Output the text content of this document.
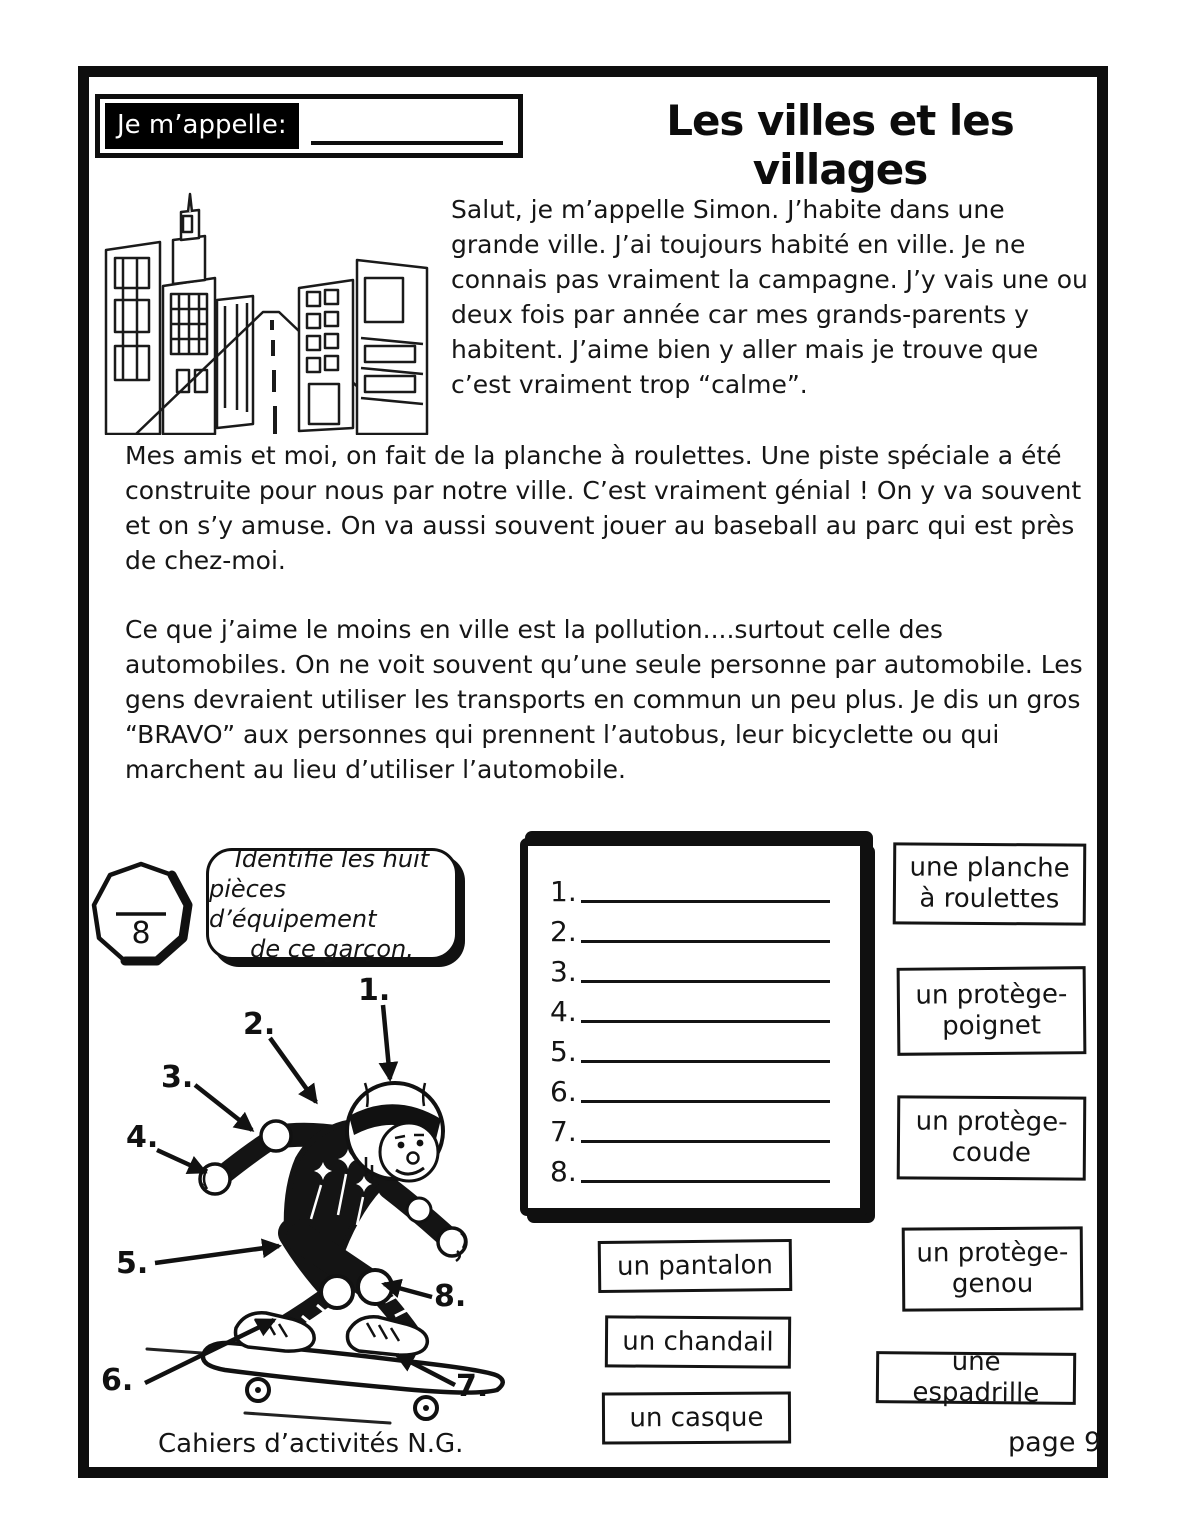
Je m’appelle:	Les villes et les villages
Salut, je m’appelle Simon. J’habite dans une grande ville. J’ai toujours habité en ville. Je ne connais pas vraiment la campagne. J’y vais une ou deux fois par année car mes grands-parents y habitent. J’aime bien y aller mais je trouve que c’est vraiment trop “calme”.
Mes amis et moi, on fait de la planche à roulettes. Une piste spéciale a été construite pour nous par notre ville. C’est vraiment génial ! On y va souvent et on s’y amuse. On va aussi souvent jouer au baseball au parc qui est près de chez-moi.
Ce que j’aime le moins en ville est la pollution....surtout celle des automobiles. On ne voit souvent qu’une seule personne par automobile. Les gens devraient utiliser les transports en commun un peu plus. Je dis un gros “BRAVO” aux personnes qui prennent l’autobus, leur bicyclette ou qui marchent au lieu d’utiliser l’automobile.
8
Identifie les huit
pièces d’équipement
de ce garçon.
1.
2.
3.
4.
5.
6.
7.
8.
une planche à roulettes
un protège-poignet
un protège-coude
un protège-genou
une espadrille
un pantalon
un chandail
un casque
1.
2.
3.
4.
5.
6.	7.
8.
Cahiers d’activités N.G.	page 9
